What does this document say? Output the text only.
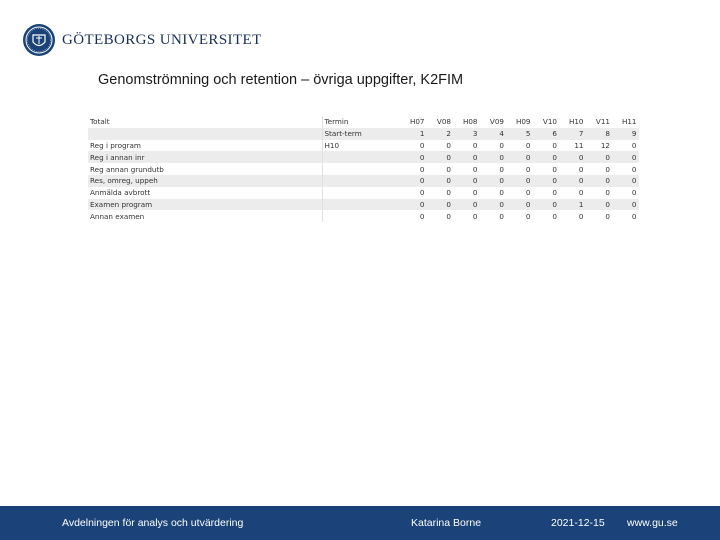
GÖTEBORGS UNIVERSITET
Genomströmning och retention – övriga uppgifter, K2FIM
Totalt	Termin	H07	V08	H08	V09	H09	V10	H10	V11	H11
	Start-term	1	2	3	4	5	6	7	8	9
Reg i program	H10	0	0	0	0	0	0	11	12	0
Reg i annan inr		0	0	0	0	0	0	0	0	0
Reg annan grundutb		0	0	0	0	0	0	0	0	0
Res, omreg, uppeh		0	0	0	0	0	0	0	0	0
Anmälda avbrott		0	0	0	0	0	0	0	0	0
Examen program		0	0	0	0	0	0	1	0	0
Annan examen		0	0	0	0	0	0	0	0	0
Avdelningen för analys och utvärdering	Katarina Borne	2021-12-15 www.gu.se
